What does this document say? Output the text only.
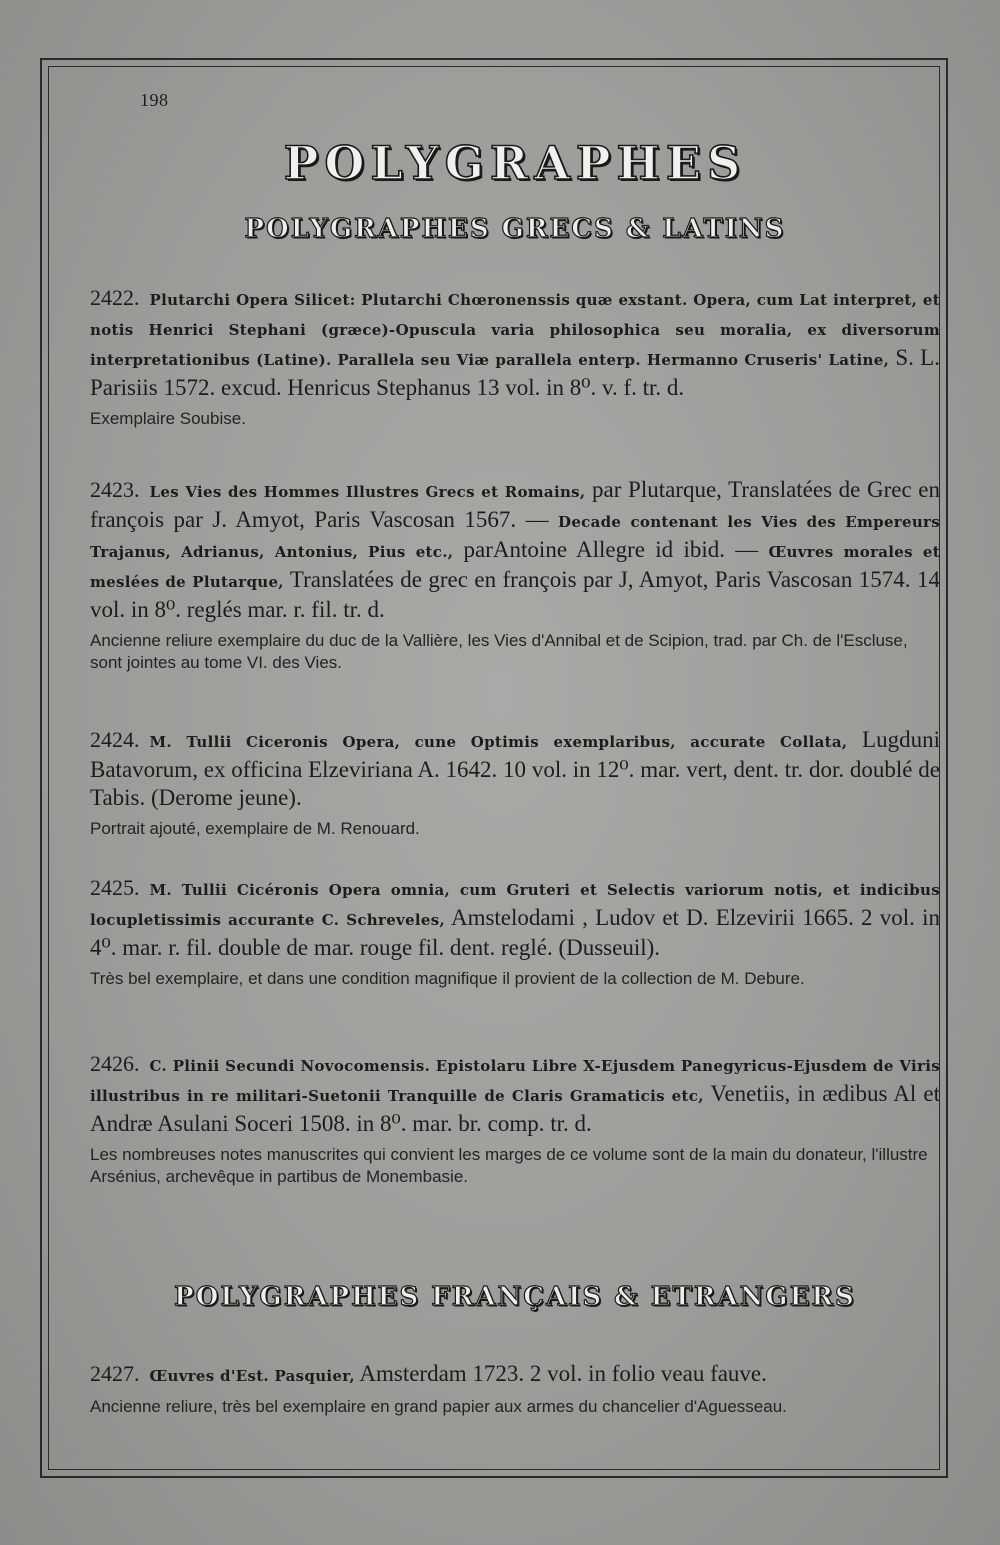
198
POLYGRAPHES
POLYGRAPHES GRECS & LATINS
2422. Plutarchi Opera Silicet: Plutarchi Chœronenssis quæ exstant. Opera, cum Lat interpret, et notis Henrici Stephani (græce)-Opuscula varia philosophica seu moralia, ex diversorum interpretationibus (Latine). Parallela seu Viæ parallela enterp. Hermanno Cruseris' Latine, S. L. Parisiis 1572. excud. Henricus Stephanus 13 vol. in 8⁰. v. f. tr. d.
Exemplaire Soubise.
2423. Les Vies des Hommes Illustres Grecs et Romains, par Plutarque, Translatées de Grec en françois par J. Amyot, Paris Vascosan 1567. — Decade contenant les Vies des Empereurs Trajanus, Adrianus, Antonius, Pius etc., parAntoine Allegre id ibid. — Œuvres morales et meslées de Plutarque, Translatées de grec en françois par J, Amyot, Paris Vascosan 1574. 14 vol. in 8⁰. reglés mar. r. fil. tr. d.
Ancienne reliure exemplaire du duc de la Vallière, les Vies d'Annibal et de Scipion, trad. par Ch. de l'Escluse, sont jointes au tome VI. des Vies.
2424. M. Tullii Ciceronis Opera, cune Optimis exemplaribus, accurate Collata, Lugduni Batavorum, ex officina Elzeviriana A. 1642. 10 vol. in 12⁰. mar. vert, dent. tr. dor. doublé de Tabis. (Derome jeune).
Portrait ajouté, exemplaire de M. Renouard.
2425. M. Tullii Cicéronis Opera omnia, cum Gruteri et Selectis variorum notis, et indicibus locupletissimis accurante C. Schreveles, Amstelodami , Ludov et D. Elzevirii 1665. 2 vol. in 4⁰. mar. r. fil. double de mar. rouge fil. dent. reglé. (Dusseuil).
Très bel exemplaire, et dans une condition magnifique il provient de la collection de M. Debure.
2426. C. Plinii Secundi Novocomensis. Epistolaru Libre X-Ejusdem Panegyricus-Ejusdem de Viris illustribus in re militari-Suetonii Tranquille de Claris Gramaticis etc, Venetiis, in ædibus Al et Andræ Asulani Soceri 1508. in 8⁰. mar. br. comp. tr. d.
Les nombreuses notes manuscrites qui convient les marges de ce volume sont de la main du donateur, l'illustre Arsénius, archevêque in partibus de Monembasie.
POLYGRAPHES FRANÇAIS & ETRANGERS
2427. Œuvres d'Est. Pasquier, Amsterdam 1723. 2 vol. in folio veau fauve.
Ancienne reliure, très bel exemplaire en grand papier aux armes du chancelier d'Aguesseau.
